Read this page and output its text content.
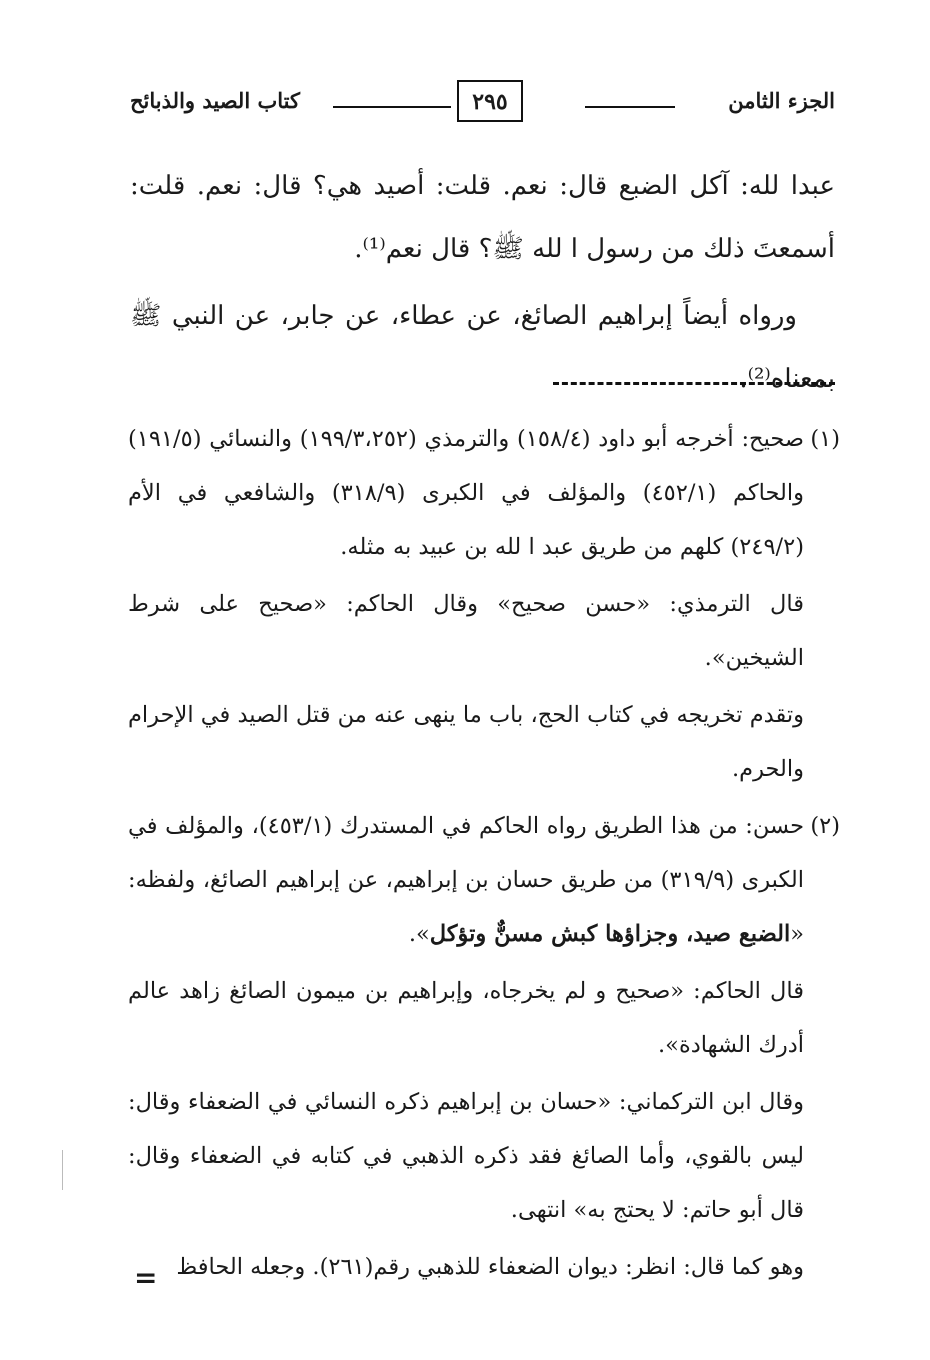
الجزء الثامن
٢٩٥
كتاب الصيد والذبائح

عبدا لله: آكل الضبع قال: نعم. قلت: أصيد هي؟ قال: نعم. قلت: أسمعتَ ذلك من رسول ا لله ﷺ؟ قال نعم⁽¹⁾.

ورواه أيضاً إبراهيم الصائغ، عن عطاء، عن جابر، عن النبي ﷺ بمعناه⁽²⁾.

(١)

صحيح: أخرجه أبو داود (١٥٨/٤) والترمذي (١٩٩/٣،٢٥٢) والنسائي (١٩١/٥) والحاكم (٤٥٢/١) والمؤلف في الكبرى (٣١٨/٩) والشافعي في الأم (٢٤٩/٢) كلهم من طريق عبد ا لله بن عبيد به مثله.

قال الترمذي: «حسن صحيح» وقال الحاكم: «صحيح على شرط الشيخين».

وتقدم تخريجه في كتاب الحج، باب ما ينهى عنه من قتل الصيد في الإحرام والحرم.

(٢)

حسن: من هذا الطريق رواه الحاكم في المستدرك (٤٥٣/١)، والمؤلف في الكبرى (٣١٩/٩) من طريق حسان بن إبراهيم، عن إبراهيم الصائغ، ولفظه: «الضبع صيد، وجزاؤها كبش مسنٌّ وتؤكل».

قال الحاكم: «صحيح و لم يخرجاه، وإبراهيم بن ميمون الصائغ زاهد عالم أدرك الشهادة».

وقال ابن التركماني: «حسان بن إبراهيم ذكره النسائي في الضعفاء وقال: ليس بالقوي، وأما الصائغ فقد ذكره الذهبي في كتابه في الضعفاء وقال: قال أبو حاتم: لا يحتج به» انتهى.

وهو كما قال: انظر: ديوان الضعفاء للذهبي رقم(٢٦١). وجعله الحافظ

=
